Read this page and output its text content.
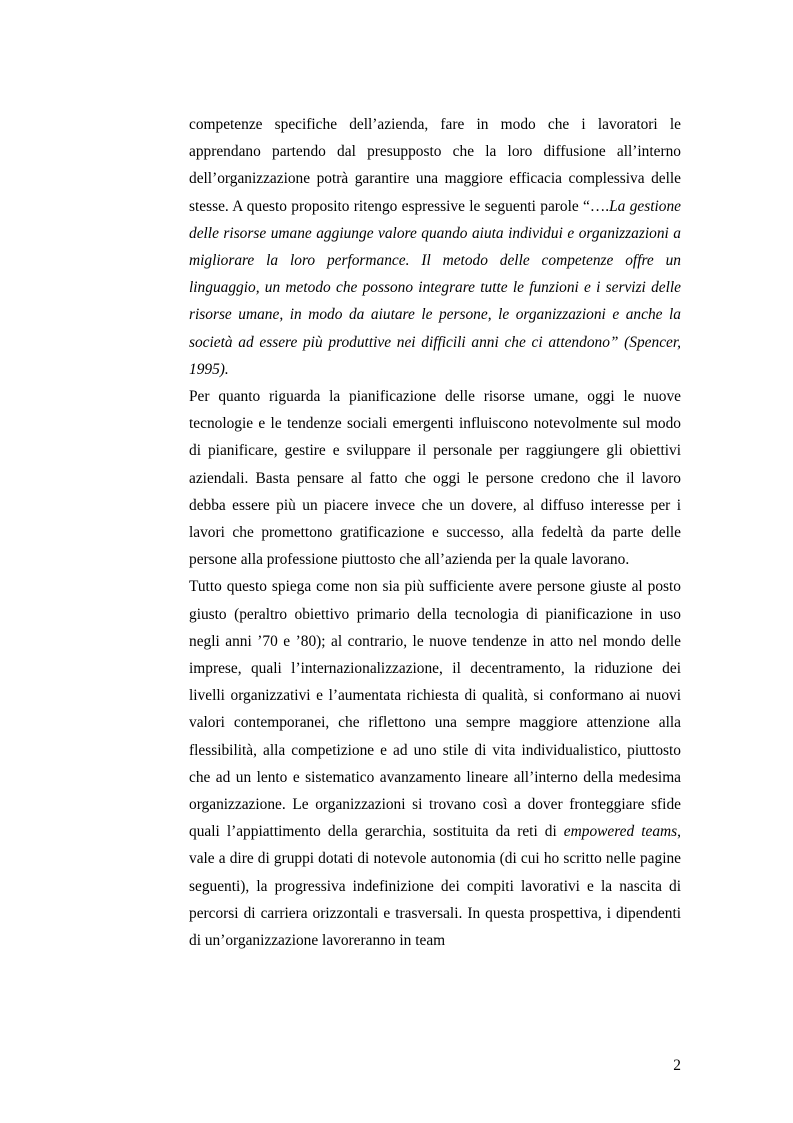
competenze specifiche dell’azienda, fare in modo che i lavoratori le apprendano partendo dal presupposto che la loro diffusione all’interno dell’organizzazione potrà garantire una maggiore efficacia complessiva delle stesse. A questo proposito ritengo espressive le seguenti parole “….La gestione delle risorse umane aggiunge valore quando aiuta individui e organizzazioni a migliorare la loro performance. Il metodo delle competenze offre un linguaggio, un metodo che possono integrare tutte le funzioni e i servizi delle risorse umane, in modo da aiutare le persone, le organizzazioni e anche la società ad essere più produttive nei difficili anni che ci attendono” (Spencer, 1995).

Per quanto riguarda la pianificazione delle risorse umane, oggi le nuove tecnologie e le tendenze sociali emergenti influiscono notevolmente sul modo di pianificare, gestire e sviluppare il personale per raggiungere gli obiettivi aziendali. Basta pensare al fatto che oggi le persone credono che il lavoro debba essere più un piacere invece che un dovere, al diffuso interesse per i lavori che promettono gratificazione e successo, alla fedeltà da parte delle persone alla professione piuttosto che all’azienda per la quale lavorano.

Tutto questo spiega come non sia più sufficiente avere persone giuste al posto giusto (peraltro obiettivo primario della tecnologia di pianificazione in uso negli anni ’70 e ’80); al contrario, le nuove tendenze in atto nel mondo delle imprese, quali l’internazionalizzazione, il decentramento, la riduzione dei livelli organizzativi e l’aumentata richiesta di qualità, si conformano ai nuovi valori contemporanei, che riflettono una sempre maggiore attenzione alla flessibilità, alla competizione e ad uno stile di vita individualistico, piuttosto che ad un lento e sistematico avanzamento lineare all’interno della medesima organizzazione. Le organizzazioni si trovano così a dover fronteggiare sfide quali l’appiattimento della gerarchia, sostituita da reti di empowered teams, vale a dire di gruppi dotati di notevole autonomia (di cui ho scritto nelle pagine seguenti), la progressiva indefinizione dei compiti lavorativi e la nascita di percorsi di carriera orizzontali e trasversali. In questa prospettiva, i dipendenti di un’organizzazione lavoreranno in team

2
